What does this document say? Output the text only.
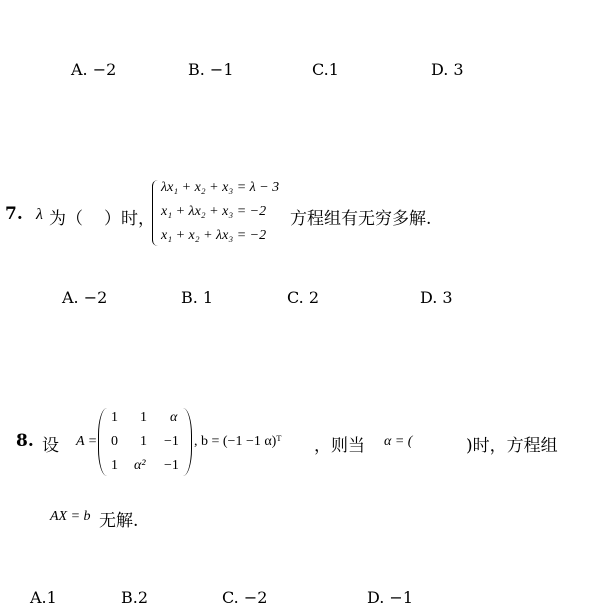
A. −2	B. −1	C.1	D. 3
7. λ 为（ ）时，
λx₁ + x₂ + x₃ = λ − 3
x₁ + λx₂ + x₃ = −2
x₁ + x₂ + λx₃ = −2
方程组有无穷多解.
A. −2	B. 1	C. 2	D. 3
8. 设 A =
1 1 α
0 1 −1
1 α² −1
, b = (−1 −1 α)ᵀ ，则当 α = (	)时，方程组
AX = b 无解.
A.1	B.2	C. −2	D. −1
